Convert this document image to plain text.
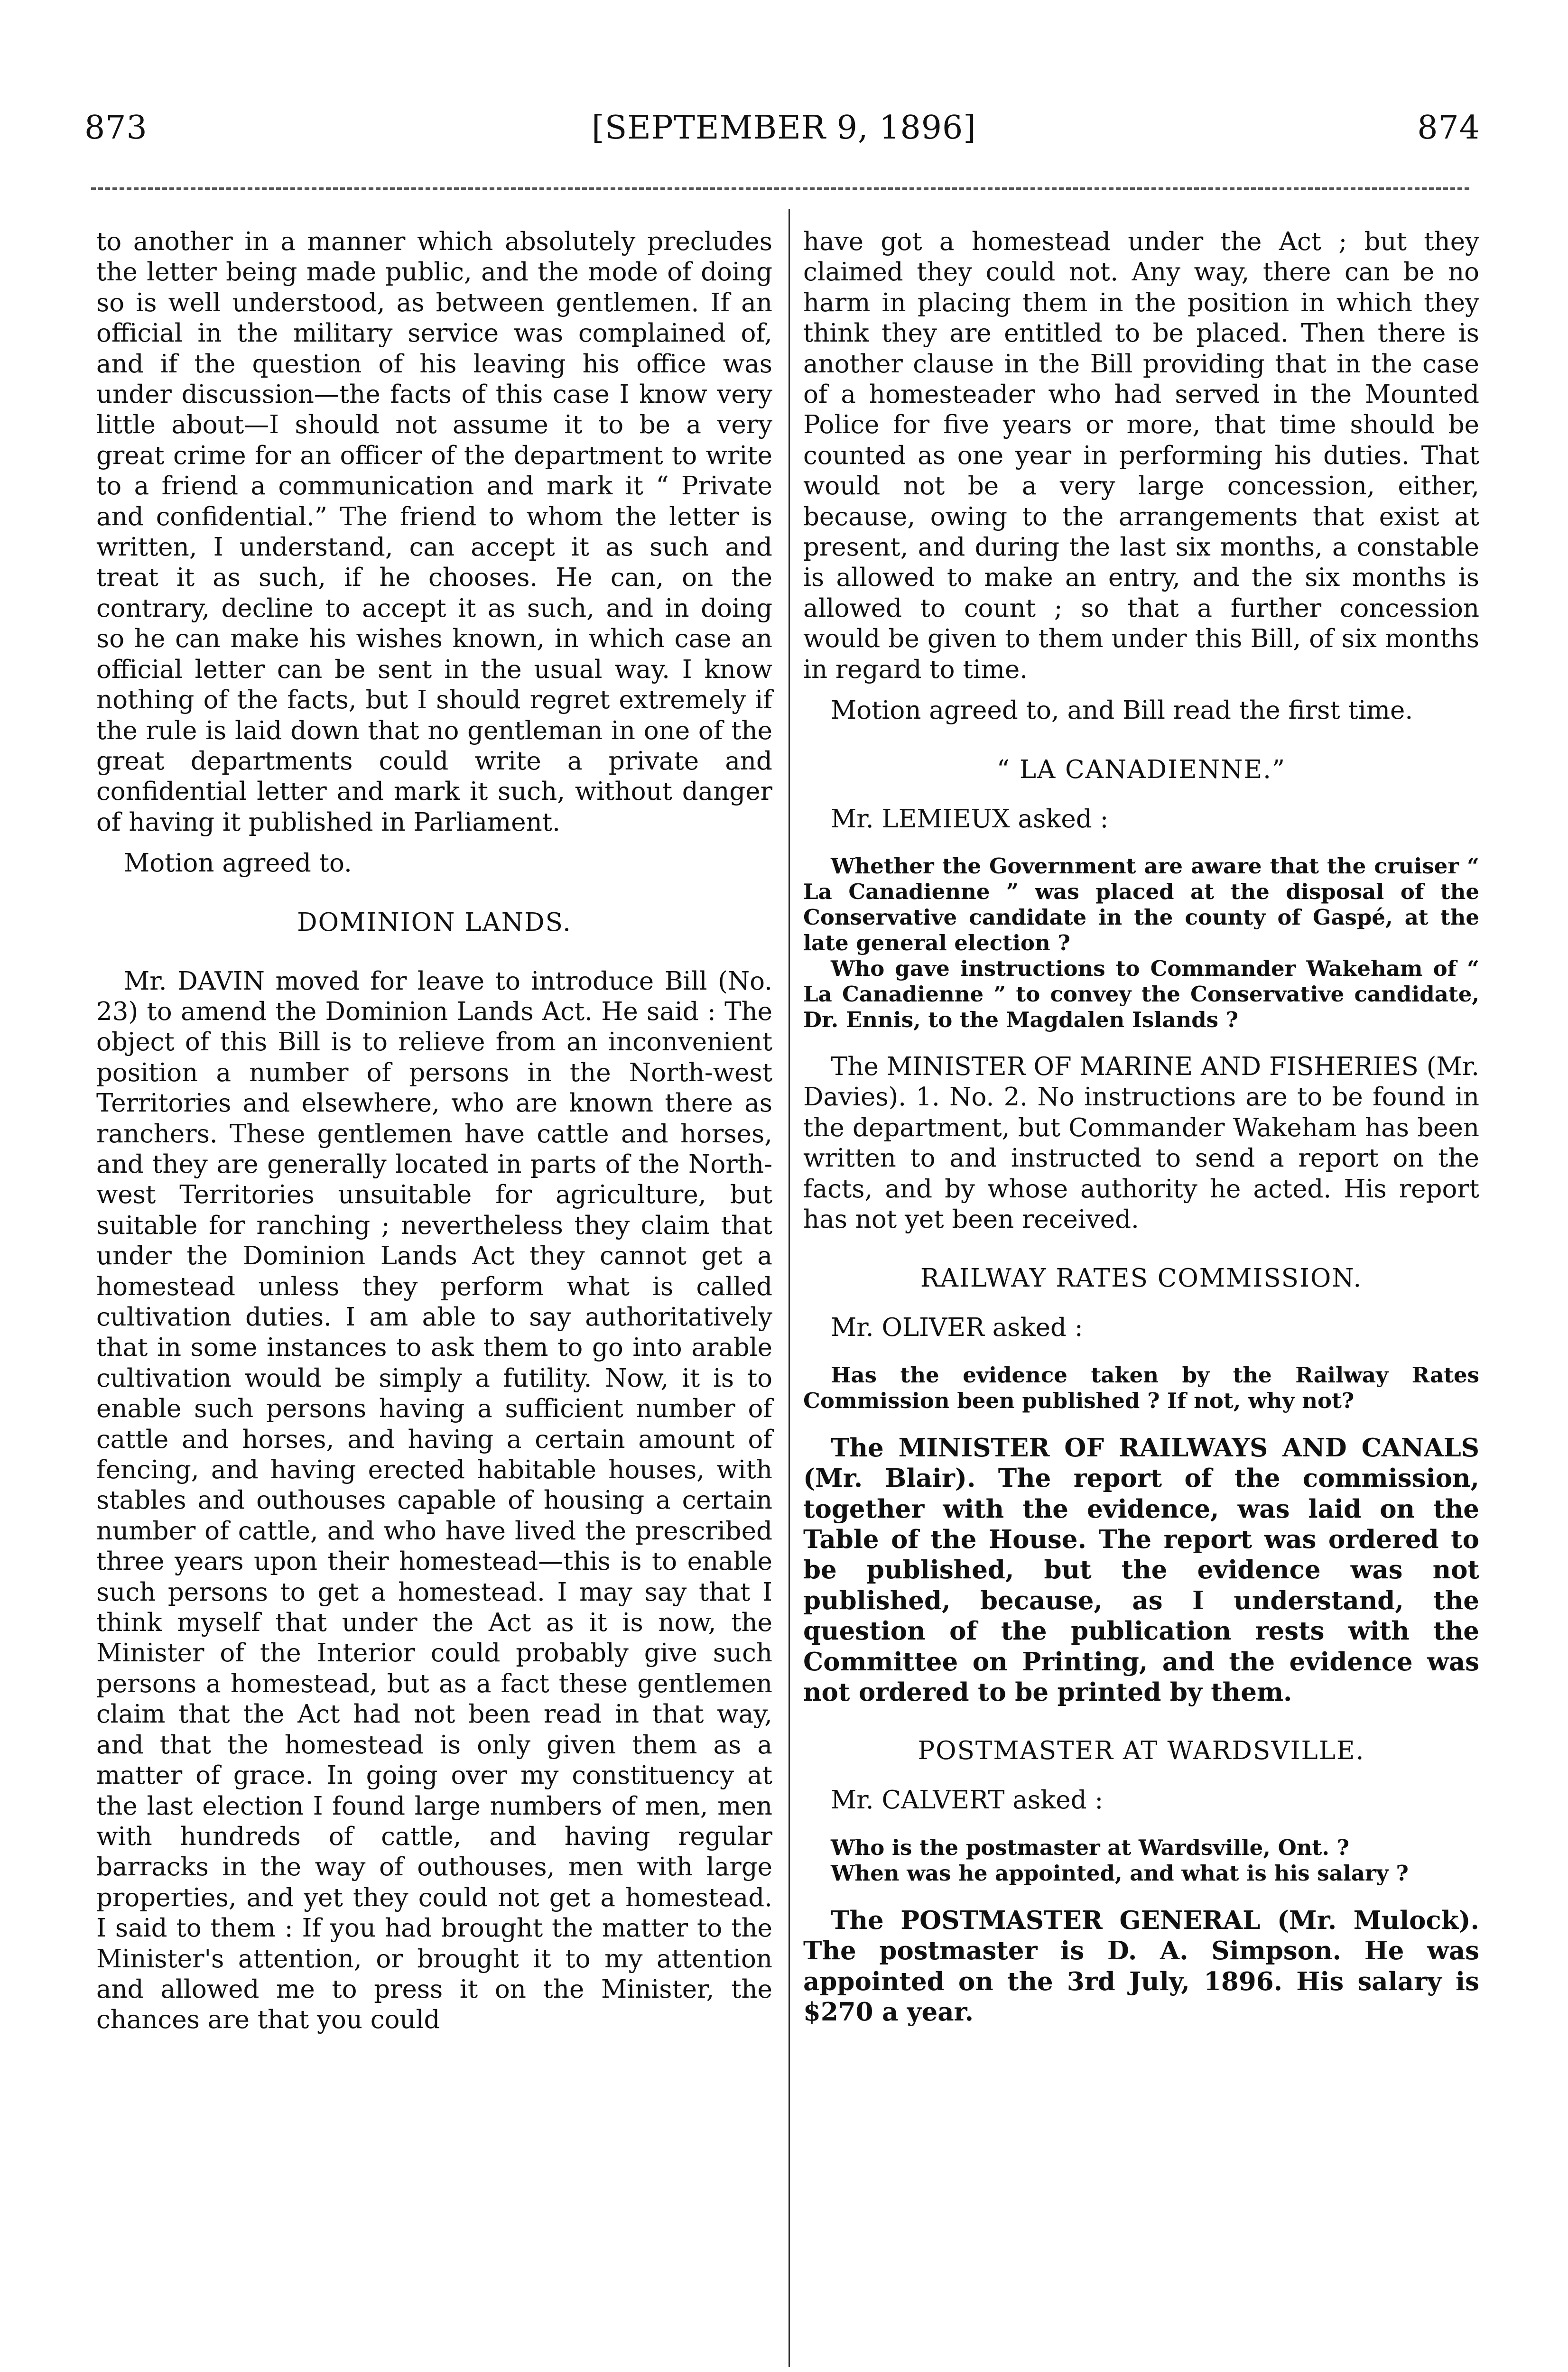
873	[SEPTEMBER 9, 1896]	874

to another in a manner which absolutely precludes the letter being made public, and the mode of doing so is well understood, as between gentlemen. If an official in the military service was complained of, and if the question of his leaving his office was under discussion—the facts of this case I know very little about—I should not assume it to be a very great crime for an officer of the department to write to a friend a communication and mark it “ Private and confidential.” The friend to whom the letter is written, I understand, can accept it as such and treat it as such, if he chooses. He can, on the contrary, decline to accept it as such, and in doing so he can make his wishes known, in which case an official letter can be sent in the usual way. I know nothing of the facts, but I should regret extremely if the rule is laid down that no gentleman in one of the great departments could write a private and confidential letter and mark it such, without danger of having it published in Parliament.

Motion agreed to.

DOMINION LANDS.

Mr. DAVIN moved for leave to introduce Bill (No. 23) to amend the Dominion Lands Act. He said : The object of this Bill is to relieve from an inconvenient position a number of persons in the North-west Territories and elsewhere, who are known there as ranchers. These gentlemen have cattle and horses, and they are generally located in parts of the North-west Territories unsuitable for agriculture, but suitable for ranching ; nevertheless they claim that under the Dominion Lands Act they cannot get a homestead unless they perform what is called cultivation duties. I am able to say authoritatively that in some instances to ask them to go into arable cultivation would be simply a futility. Now, it is to enable such persons having a sufficient number of cattle and horses, and having a certain amount of fencing, and having erected habitable houses, with stables and outhouses capable of housing a certain number of cattle, and who have lived the prescribed three years upon their homestead—this is to enable such persons to get a homestead. I may say that I think myself that under the Act as it is now, the Minister of the Interior could probably give such persons a homestead, but as a fact these gentlemen claim that the Act had not been read in that way, and that the homestead is only given them as a matter of grace. In going over my constituency at the last election I found large numbers of men, men with hundreds of cattle, and having regular barracks in the way of outhouses, men with large properties, and yet they could not get a homestead. I said to them : If you had brought the matter to the Minister's attention, or brought it to my attention and allowed me to press it on the Minister, the chances are that you could

have got a homestead under the Act ; but they claimed they could not. Any way, there can be no harm in placing them in the position in which they think they are entitled to be placed. Then there is another clause in the Bill providing that in the case of a homesteader who had served in the Mounted Police for five years or more, that time should be counted as one year in performing his duties. That would not be a very large concession, either, because, owing to the arrangements that exist at present, and during the last six months, a constable is allowed to make an entry, and the six months is allowed to count ; so that a further concession would be given to them under this Bill, of six months in regard to time.

Motion agreed to, and Bill read the first time.

“ LA CANADIENNE.”

Mr. LEMIEUX asked :

Whether the Government are aware that the cruiser “ La Canadienne ” was placed at the disposal of the Conservative candidate in the county of Gaspé, at the late general election ?

Who gave instructions to Commander Wakeham of “ La Canadienne ” to convey the Conservative candidate, Dr. Ennis, to the Magdalen Islands ?

The MINISTER OF MARINE AND FISHERIES (Mr. Davies). 1. No. 2. No instructions are to be found in the department, but Commander Wakeham has been written to and instructed to send a report on the facts, and by whose authority he acted. His report has not yet been received.

RAILWAY RATES COMMISSION.

Mr. OLIVER asked :

Has the evidence taken by the Railway Rates Commission been published ? If not, why not?

The MINISTER OF RAILWAYS AND CANALS (Mr. Blair). The report of the commission, together with the evidence, was laid on the Table of the House. The report was ordered to be published, but the evidence was not published, because, as I understand, the question of the publication rests with the Committee on Printing, and the evidence was not ordered to be printed by them.

POSTMASTER AT WARDSVILLE.

Mr. CALVERT asked :

Who is the postmaster at Wardsville, Ont. ?

When was he appointed, and what is his salary ?

The POSTMASTER GENERAL (Mr. Mulock). The postmaster is D. A. Simpson. He was appointed on the 3rd July, 1896. His salary is $270 a year.
